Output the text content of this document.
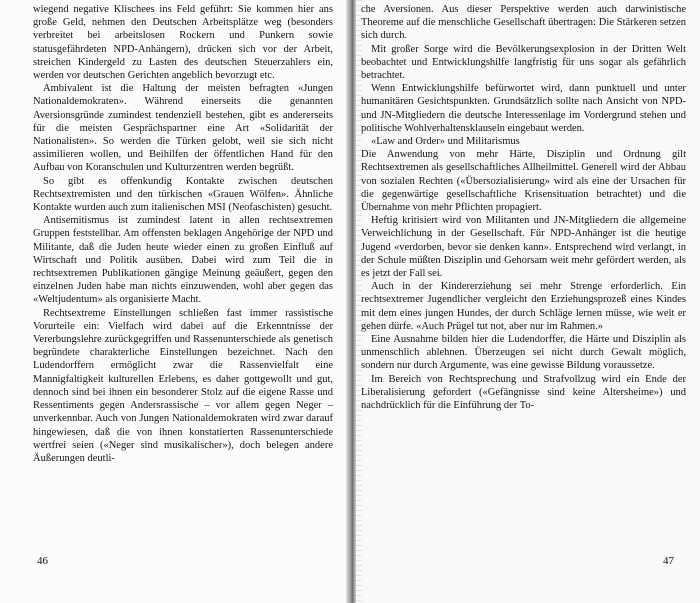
wiegend negative Klischees ins Feld geführt: Sie kommen hier ans große Geld, nehmen den Deutschen Arbeitsplätze weg (besonders verbreitet bei arbeitslosen Rockern und Punkern sowie statusgefährdeten NPD-Anhängern), drücken sich vor der Arbeit, streichen Kindergeld zu Lasten des deutschen Steuerzahlers ein, werden vor deutschen Gerichten angeblich bevorzugt etc.

Ambivalent ist die Haltung der meisten befragten «Jungen Nationaldemokraten». Während einerseits die genannten Aversionsgründe zumindest tendenziell bestehen, gibt es andererseits für die meisten Gesprächspartner eine Art «Solidarität der Nationalisten». So werden die Türken gelobt, weil sie sich nicht assimilieren wollen, und Beihilfen der öffentlichen Hand für den Aufbau von Koranschulen und Kulturzentren werden begrüßt.

So gibt es offenkundig Kontakte zwischen deutschen Rechtsextremisten und den türkischen «Grauen Wölfen». Ähnliche Kontakte wurden auch zum italienischen MSI (Neofaschisten) gesucht.

Antisemitismus ist zumindest latent in allen rechtsextremen Gruppen feststellbar. Am offensten beklagen Angehörige der NPD und Militante, daß die Juden heute wieder einen zu großen Einfluß auf Wirtschaft und Politik ausüben. Dabei wird zum Teil die in rechtsextremen Publikationen gängige Meinung geäußert, gegen den einzelnen Juden habe man nichts einzuwenden, wohl aber gegen das «Weltjudentum» als organisierte Macht.

Rechtsextreme Einstellungen schließen fast immer rassistische Vorurteile ein: Vielfach wird dabei auf die Erkenntnisse der Vererbungslehre zurückgegriffen und Rassenunterschiede als genetisch begründete charakterliche Einstellungen bezeichnet. Nach den Ludendorffern ermöglicht zwar die Rassenvielfalt eine Mannigfaltigkeit kulturellen Erlebens, es daher gottgewollt und gut, dennoch sind bei ihnen ein besonderer Stolz auf die eigene Rasse und Ressentiments gegen Andersrassische – vor allem gegen Neger – unverkennbar. Auch von Jungen Nationaldemokraten wird zwar darauf hingewiesen, daß die von ihnen konstatierten Rassenunterschiede wertfrei seien («Neger sind musikalischer»), doch belegen andere Äußerungen deutli-

46

che Aversionen. Aus dieser Perspektive werden auch darwinistische Theoreme auf die menschliche Gesellschaft übertragen: Die Stärkeren setzen sich durch.

Mit großer Sorge wird die Bevölkerungsexplosion in der Dritten Welt beobachtet und Entwicklungshilfe langfristig für uns sogar als gefährlich betrachtet.

Wenn Entwicklungshilfe befürwortet wird, dann punktuell und unter humanitären Gesichtspunkten. Grundsätzlich sollte nach Ansicht von NPD- und JN-Mitgliedern die deutsche Interessenlage im Vordergrund stehen und politische Wohlverhaltensklauseln eingebaut werden.

«Law and Order» und Militarismus

Die Anwendung von mehr Härte, Disziplin und Ordnung gilt Rechtsextremen als gesellschaftliches Allheilmittel. Generell wird der Abbau von sozialen Rechten («Übersozialisierung» wird als eine der Ursachen für die gegenwärtige gesellschaftliche Krisensituation betrachtet) und die Übernahme von mehr Pflichten propagiert.

Heftig kritisiert wird von Militanten und JN-Mitgliedern die allgemeine Verweichlichung in der Gesellschaft. Für NPD-Anhänger ist die heutige Jugend «verdorben, bevor sie denken kann». Entsprechend wird verlangt, in der Schule müßten Disziplin und Gehorsam weit mehr gefördert werden, als es jetzt der Fall sei.

Auch in der Kindererziehung sei mehr Strenge erforderlich. Ein rechtsextremer Jugendlicher vergleicht den Erziehungsprozeß eines Kindes mit dem eines jungen Hundes, der durch Schläge lernen müsse, wie weit er gehen dürfe. «Auch Prügel tut not, aber nur im Rahmen.»

Eine Ausnahme bilden hier die Ludendorffer, die Härte und Disziplin als unmenschlich ablehnen. Überzeugen sei nicht durch Gewalt möglich, sondern nur durch Argumente, was eine gewisse Bildung voraussetze.

Im Bereich von Rechtsprechung und Strafvollzug wird ein Ende der Liberalisierung gefordert («Gefängnisse sind keine Altersheime») und nachdrücklich für die Einführung der To-

47
